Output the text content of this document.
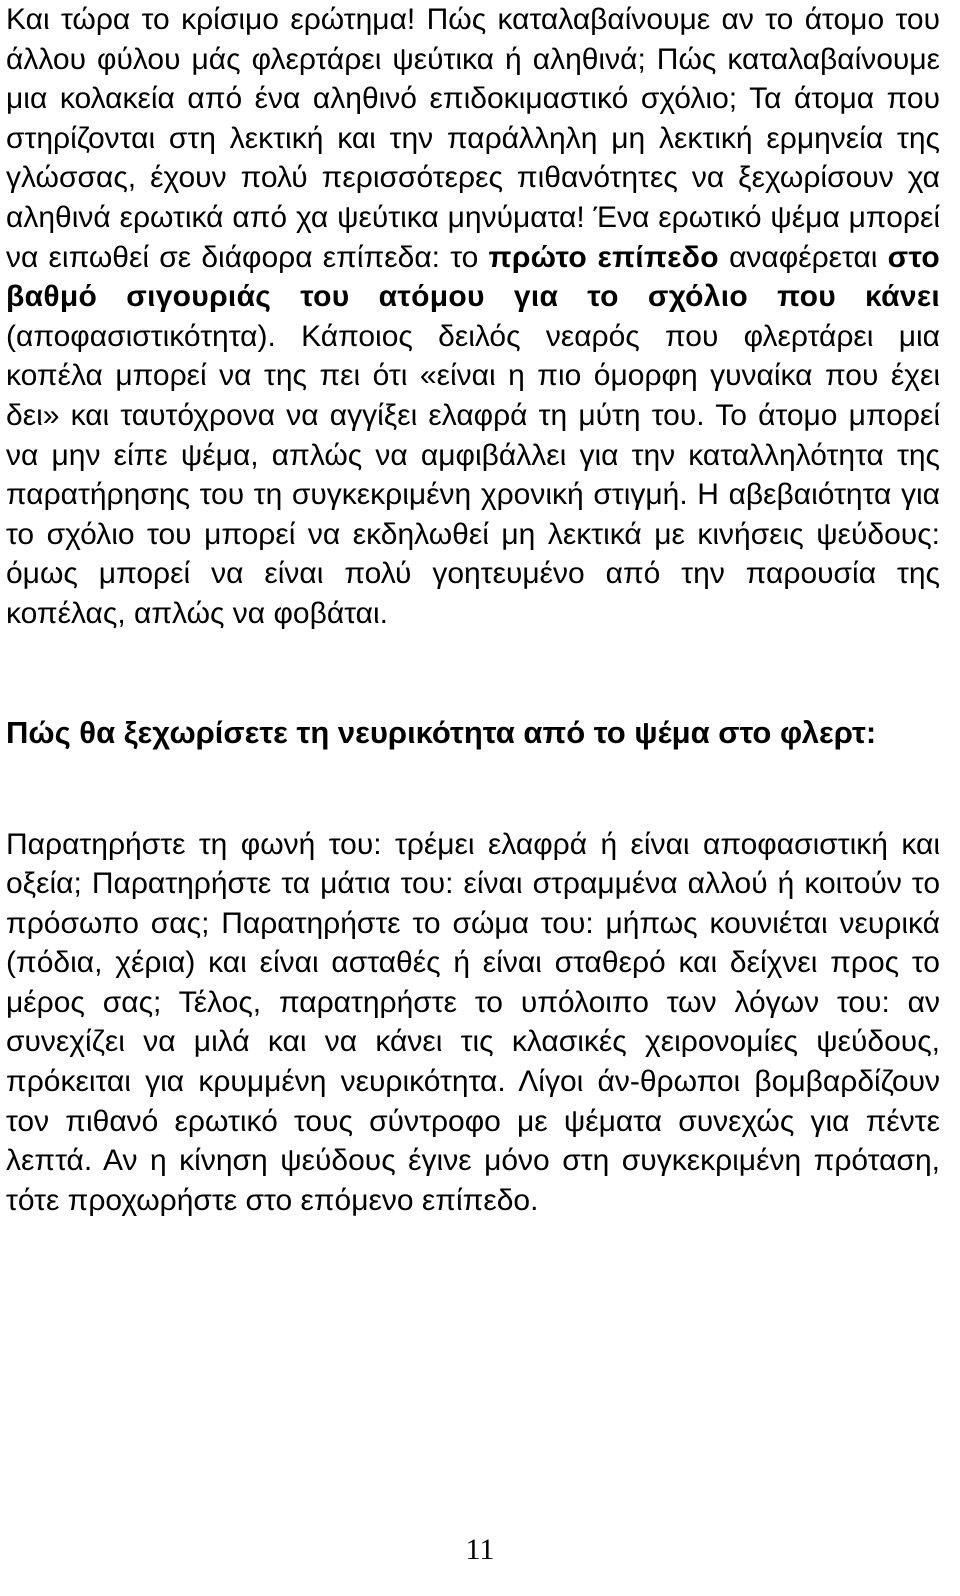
Και τώρα το κρίσιμο ερώτημα! Πώς καταλαβαίνουμε αν το άτομο του άλλου φύλου μάς φλερτάρει ψεύτικα ή αληθινά; Πώς καταλαβαίνουμε μια κολακεία από ένα αληθινό επιδοκιμαστικό σχόλιο; Τα άτομα που στηρίζονται στη λεκτική και την παράλληλη μη λεκτική ερμηνεία της γλώσσας, έχουν πολύ περισσότερες πιθανότητες να ξεχωρίσουν χα αληθινά ερωτικά από χα ψεύτικα μηνύματα! Ένα ερωτικό ψέμα μπορεί να ειπωθεί σε διάφορα επίπεδα: το πρώτο επίπεδο αναφέρεται στο βαθμό σιγουριάς του ατόμου για το σχόλιο που κάνει (αποφασιστικότητα). Κάποιος δειλός νεαρός που φλερτάρει μια κοπέλα μπορεί να της πει ότι «είναι η πιο όμορφη γυναίκα που έχει δει» και ταυτόχρονα να αγγίξει ελαφρά τη μύτη του. Το άτομο μπορεί να μην είπε ψέμα, απλώς να αμφιβάλλει για την καταλληλότητα της παρατήρησης του τη συγκεκριμένη χρονική στιγμή. Η αβεβαιότητα για το σχόλιο του μπορεί να εκδηλωθεί μη λεκτικά με κινήσεις ψεύδους: όμως μπορεί να είναι πολύ γοητευμένο από την παρουσία της κοπέλας, απλώς να φοβάται.

Πώς θα ξεχωρίσετε τη νευρικότητα από το ψέμα στο φλερτ:

Παρατηρήστε τη φωνή του: τρέμει ελαφρά ή είναι αποφασιστική και οξεία; Παρατηρήστε τα μάτια του: είναι στραμμένα αλλού ή κοιτούν το πρόσωπο σας; Παρατηρήστε το σώμα του: μήπως κουνιέται νευρικά (πόδια, χέρια) και είναι ασταθές ή είναι σταθερό και δείχνει προς το μέρος σας; Τέλος, παρατηρήστε το υπόλοιπο των λόγων του: αν συνεχίζει να μιλά και να κάνει τις κλασικές χειρονομίες ψεύδους, πρόκειται για κρυμμένη νευρικότητα. Λίγοι άν-θρωποι βομβαρδίζουν τον πιθανό ερωτικό τους σύντροφο με ψέματα συνεχώς για πέντε λεπτά. Αν η κίνηση ψεύδους έγινε μόνο στη συγκεκριμένη πρόταση, τότε προχωρήστε στο επόμενο επίπεδο.

11
